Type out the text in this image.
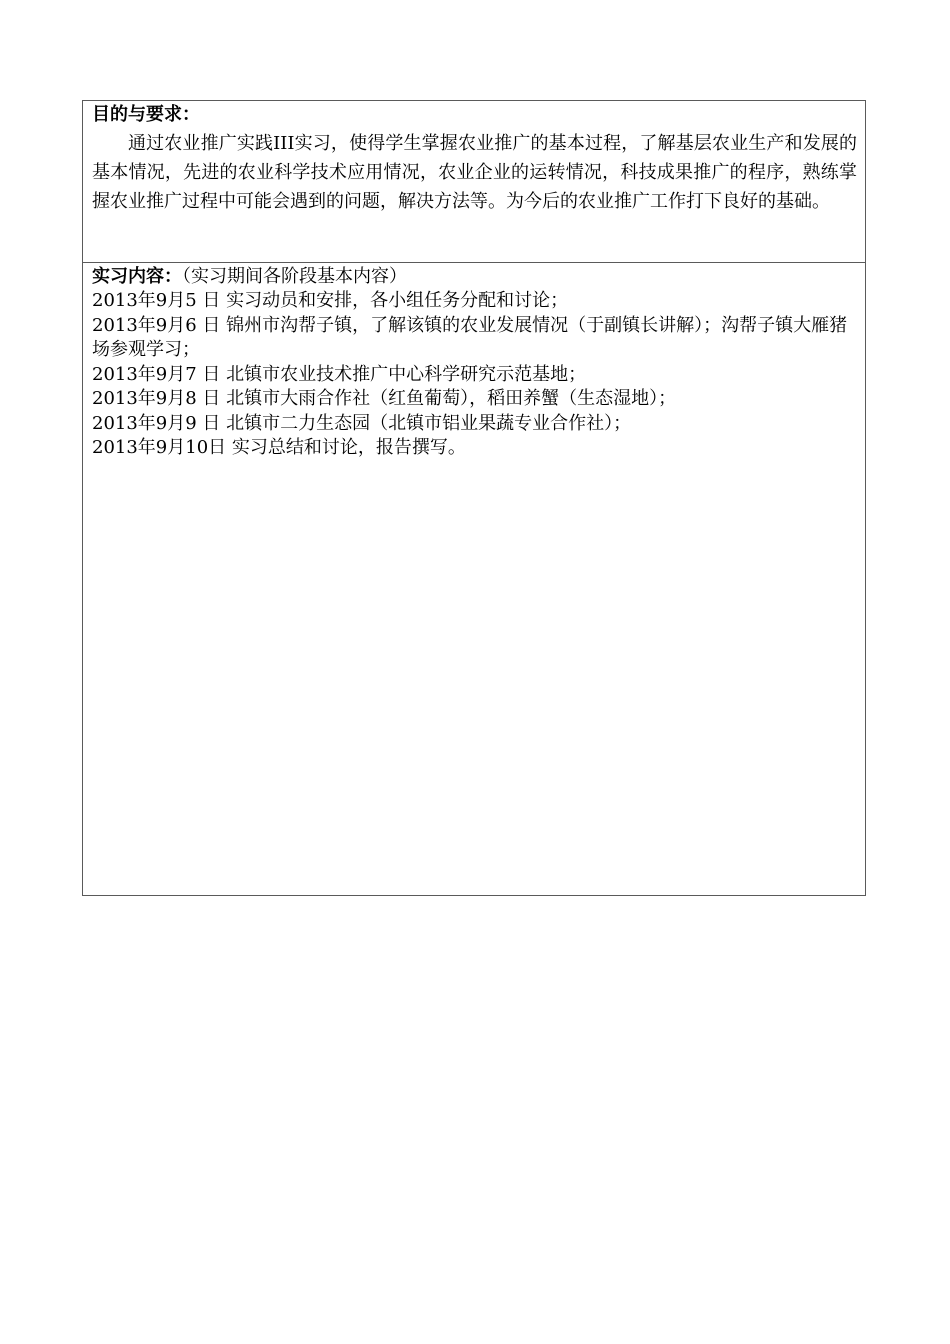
目的与要求：

通过农业推广实践III实习，使得学生掌握农业推广的基本过程，了解基层农业生产和发展的基本情况，先进的农业科学技术应用情况，农业企业的运转情况，科技成果推广的程序，熟练掌握农业推广过程中可能会遇到的问题，解决方法等。为今后的农业推广工作打下良好的基础。

实习内容：（实习期间各阶段基本内容）
2013年9月5 日 实习动员和安排，各小组任务分配和讨论；
2013年9月6 日 锦州市沟帮子镇，了解该镇的农业发展情况（于副镇长讲解）；沟帮子镇大雁猪场参观学习；
2013年9月7 日 北镇市农业技术推广中心科学研究示范基地；
2013年9月8 日 北镇市大雨合作社（红鱼葡萄），稻田养蟹（生态湿地）；
2013年9月9 日 北镇市二力生态园（北镇市铝业果蔬专业合作社）；
2013年9月10日 实习总结和讨论，报告撰写。
